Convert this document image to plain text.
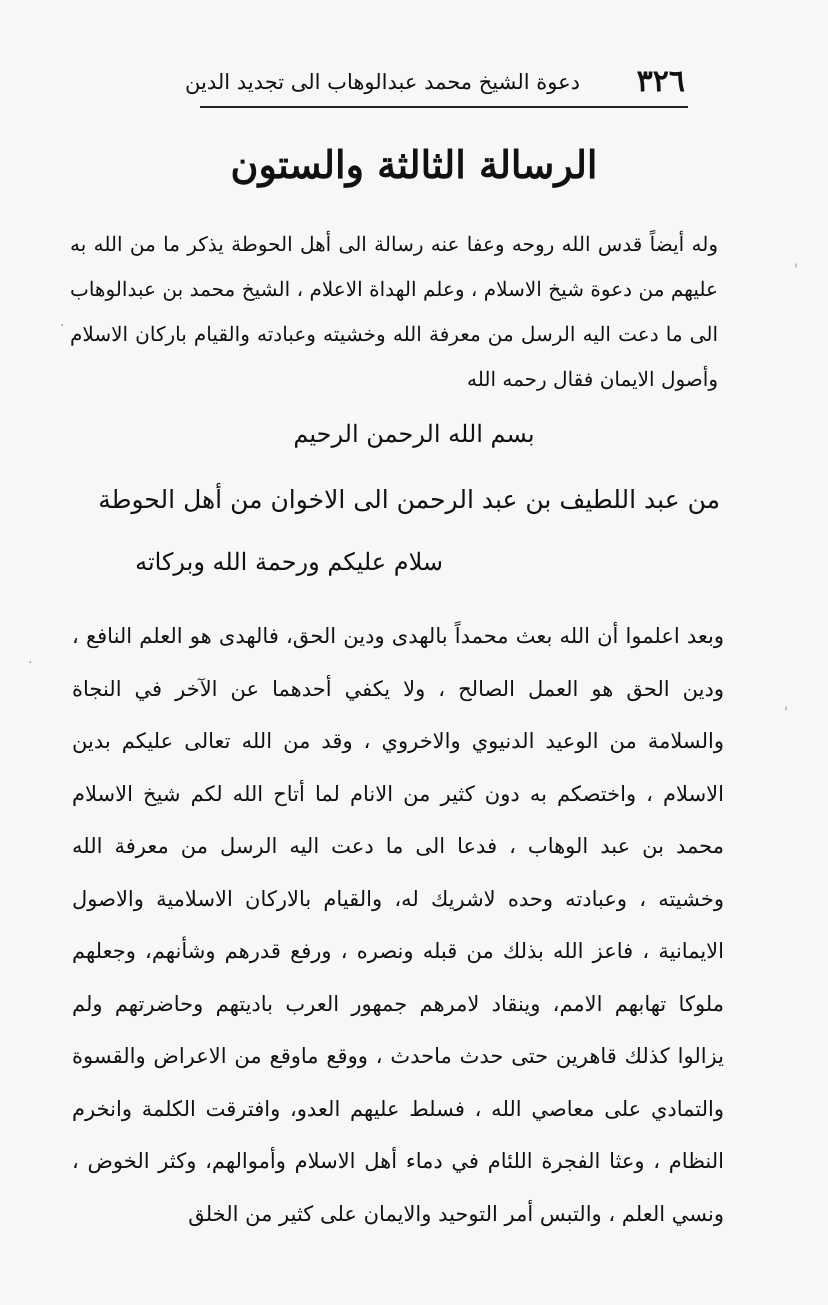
٣٢٦
دعوة الشيخ محمد عبدالوهاب الى تجديد الدين
الرسالة الثالثة والستون
وله أيضاً قدس الله روحه وعفا عنه رسالة الى أهل الحوطة يذكر ما من الله به عليهم من دعوة شيخ الاسلام ، وعلم الهداة الاعلام ، الشيخ محمد بن عبدالوهاب الى ما دعت اليه الرسل من معرفة الله وخشيته وعبادته والقيام باركان الاسلام وأصول الايمان فقال رحمه الله
بسم الله الرحمن الرحيم
من عبد اللطيف بن عبد الرحمن الى الاخوان من أهل الحوطة
سلام عليكم ورحمة الله وبركاته
وبعد اعلموا أن الله بعث محمداً بالهدى ودين الحق، فالهدى هو العلم النافع ، ودين الحق هو العمل الصالح ، ولا يكفي أحدهما عن الآخر في النجاة والسلامة من الوعيد الدنيوي والاخروي ، وقد من الله تعالى عليكم بدين الاسلام ، واختصكم به دون كثير من الانام لما أتاح الله لكم شيخ الاسلام محمد بن عبد الوهاب ، فدعا الى ما دعت اليه الرسل من معرفة الله وخشيته ، وعبادته وحده لاشريك له، والقيام بالاركان الاسلامية والاصول الايمانية ، فاعز الله بذلك من قبله ونصره ، ورفع قدرهم وشأنهم، وجعلهم ملوكا تهابهم الامم، وينقاد لامرهم جمهور العرب باديتهم وحاضرتهم ولم يزالوا كذلك قاهرين حتى حدث ماحدث ، ووقع ماوقع من الاعراض والقسوة والتمادي على معاصي الله ، فسلط عليهم العدو، وافترقت الكلمة وانخرم النظام ، وعثا الفجرة اللئام في دماء أهل الاسلام وأموالهم، وكثر الخوض ، ونسي العلم ، والتبس أمر التوحيد والايمان على كثير من الخلق
'
·
·
'
